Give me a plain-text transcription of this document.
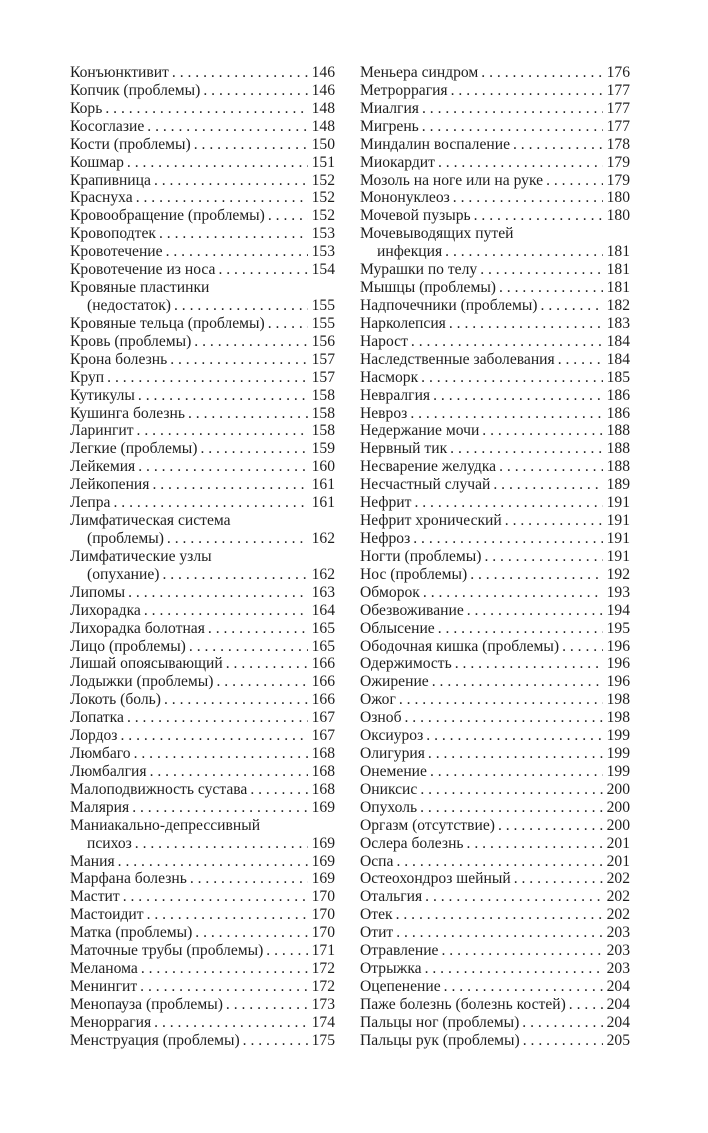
Конъюнктивит . . .	146
Копчик (проблемы) . . .	146
Корь . . .	148
Косоглазие . . .	148
Кости (проблемы) . . .	150
Кошмар . . .	151
Крапивница . . .	152
Краснуха . . .	152
Кровообращение (проблемы) . . .	152
Кровоподтек . . .	153
Кровотечение . . .	153
Кровотечение из носа . . .	154
Кровяные пластинки
(недостаток) . . .	155
Кровяные тельца (проблемы) . . .	155
Кровь (проблемы) . . .	156
Крона болезнь . . .	157
Круп . . .	157
Кутикулы . . .	158
Кушинга болезнь . . .	158
Ларингит . . .	158
Легкие (проблемы) . . .	159
Лейкемия . . .	160
Лейкопения . . .	161
Лепра . . .	161
Лимфатическая система
(проблемы) . . .	162
Лимфатические узлы
(опухание) . . .	162
Липомы . . .	163
Лихорадка . . .	164
Лихорадка болотная . . .	165
Лицо (проблемы) . . .	165
Лишай опоясывающий . . .	166
Лодыжки (проблемы) . . .	166
Локоть (боль) . . .	166
Лопатка . . .	167
Лордоз . . .	167
Люмбаго . . .	168
Люмбалгия . . .	168
Малоподвижность сустава . . .	168
Малярия . . .	169
Маниакально-депрессивный
психоз . . .	169
Мания . . .	169
Марфана болезнь . . .	169
Мастит . . .	170
Мастоидит . . .	170
Матка (проблемы) . . .	170
Маточные трубы (проблемы) . . .	171
Меланома . . .	172
Менингит . . .	172
Менопауза (проблемы) . . .	173
Меноррагия . . .	174
Менструация (проблемы) . . .	175
Меньера синдром . . .	176
Метроррагия . . .	177
Миалгия . . .	177
Мигрень . . .	177
Миндалин воспаление . . .	178
Миокардит . . .	179
Мозоль на ноге или на руке . . .	179
Мононуклеоз . . .	180
Мочевой пузырь . . .	180
Мочевыводящих путей
инфекция . . .	181
Мурашки по телу . . .	181
Мышцы (проблемы) . . .	181
Надпочечники (проблемы) . . .	182
Нарколепсия . . .	183
Нарост . . .	184
Наследственные заболевания . . .	184
Насморк . . .	185
Невралгия . . .	186
Невроз . . .	186
Недержание мочи . . .	188
Нервный тик . . .	188
Несварение желудка . . .	188
Несчастный случай . . .	189
Нефрит . . .	191
Нефрит хронический . . .	191
Нефроз . . .	191
Ногти (проблемы) . . .	191
Нос (проблемы) . . .	192
Обморок . . .	193
Обезвоживание . . .	194
Облысение . . .	195
Ободочная кишка (проблемы) . . .	196
Одержимость . . .	196
Ожирение . . .	196
Ожог . . .	198
Озноб . . .	198
Оксиуроз . . .	199
Олигурия . . .	199
Онемение . . .	199
Ониксис . . .	200
Опухоль . . .	200
Оргазм (отсутствие) . . .	200
Ослера болезнь . . .	201
Оспа . . .	201
Остеохондроз шейный . . .	202
Отальгия . . .	202
Отек . . .	202
Отит . . .	203
Отравление . . .	203
Отрыжка . . .	203
Оцепенение . . .	204
Паже болезнь (болезнь костей) . . .	204
Пальцы ног (проблемы) . . .	204
Пальцы рук (проблемы) . . .	205
